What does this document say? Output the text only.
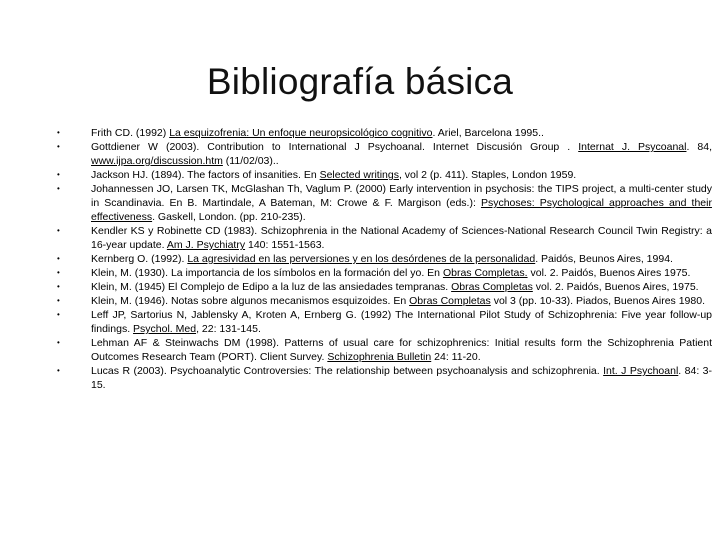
Bibliografía básica
•	Frith CD. (1992) La esquizofrenia: Un enfoque neuropsicológico cognitivo. Ariel, Barcelona 1995..
•	Gottdiener W (2003). Contribution to International J Psychoanal. Internet Discusión Group . Internat J. Psycoanal. 84, www.ijpa.org/discussion.htm (11/02/03)..
•	Jackson HJ. (1894). The factors of insanities. En Selected writings, vol 2 (p. 411). Staples, London 1959.
•	Johannessen JO, Larsen TK, McGlashan Th, Vaglum P. (2000) Early intervention in psychosis: the TIPS project, a multi-center study in Scandinavia. En B. Martindale, A Bateman, M: Crowe & F. Margison (eds.): Psychoses: Psychological approaches and their effectiveness. Gaskell, London. (pp. 210-235).
•	Kendler KS y Robinette CD (1983). Schizophrenia in the National Academy of Sciences-National Research Council Twin Registry: a 16-year update. Am J. Psychiatry 140: 1551-1563.
•	Kernberg O. (1992). La agresividad en las perversiones y en los desórdenes de la personalidad. Paidós, Beunos Aires, 1994.
•	Klein, M. (1930). La importancia de los símbolos en la formación del yo. En Obras Completas. vol. 2. Paidós, Buenos Aires 1975.
•	Klein, M. (1945) El Complejo de Edipo a la luz de las ansiedades tempranas. Obras Completas vol. 2. Paidós, Buenos Aires, 1975.
•	Klein, M. (1946). Notas sobre algunos mecanismos esquizoides. En Obras Completas vol 3 (pp. 10-33). Piados, Buenos Aires 1980.
•	Leff JP, Sartorius N, Jablensky A, Kroten A, Ernberg G. (1992) The International Pilot Study of Schizophrenia: Five year follow-up findings. Psychol. Med, 22: 131-145.
•	Lehman AF & Steinwachs DM (1998). Patterns of usual care for schizophrenics: Initial results form the Schizophrenia Patient Outcomes Research Team (PORT). Client Survey. Schizophrenia Bulletin 24: 11-20.
•	Lucas R (2003). Psychoanalytic Controversies: The relationship between psychoanalysis and schizophrenia. Int. J Psychoanl. 84: 3-15.
